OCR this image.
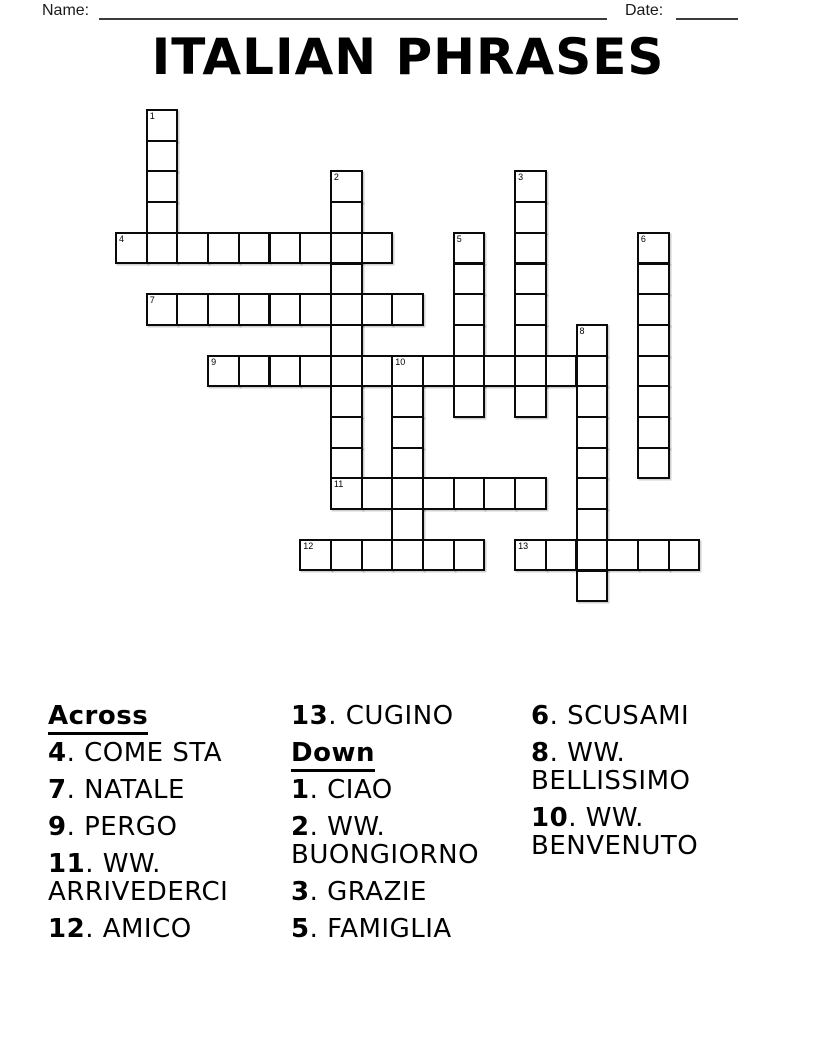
Name:	Date:
ITALIAN PHRASES
1
2	3
4	5	6
7
8
9	10
11
12	13
Across
4. COME STA
7. NATALE
9. PERGO
11. WW. ARRIVEDERCI
12. AMICO
13. CUGINO
Down
1. CIAO
2. WW. BUONGIORNO
3. GRAZIE
5. FAMIGLIA
6. SCUSAMI
8. WW. BELLISSIMO
10. WW. BENVENUTO
